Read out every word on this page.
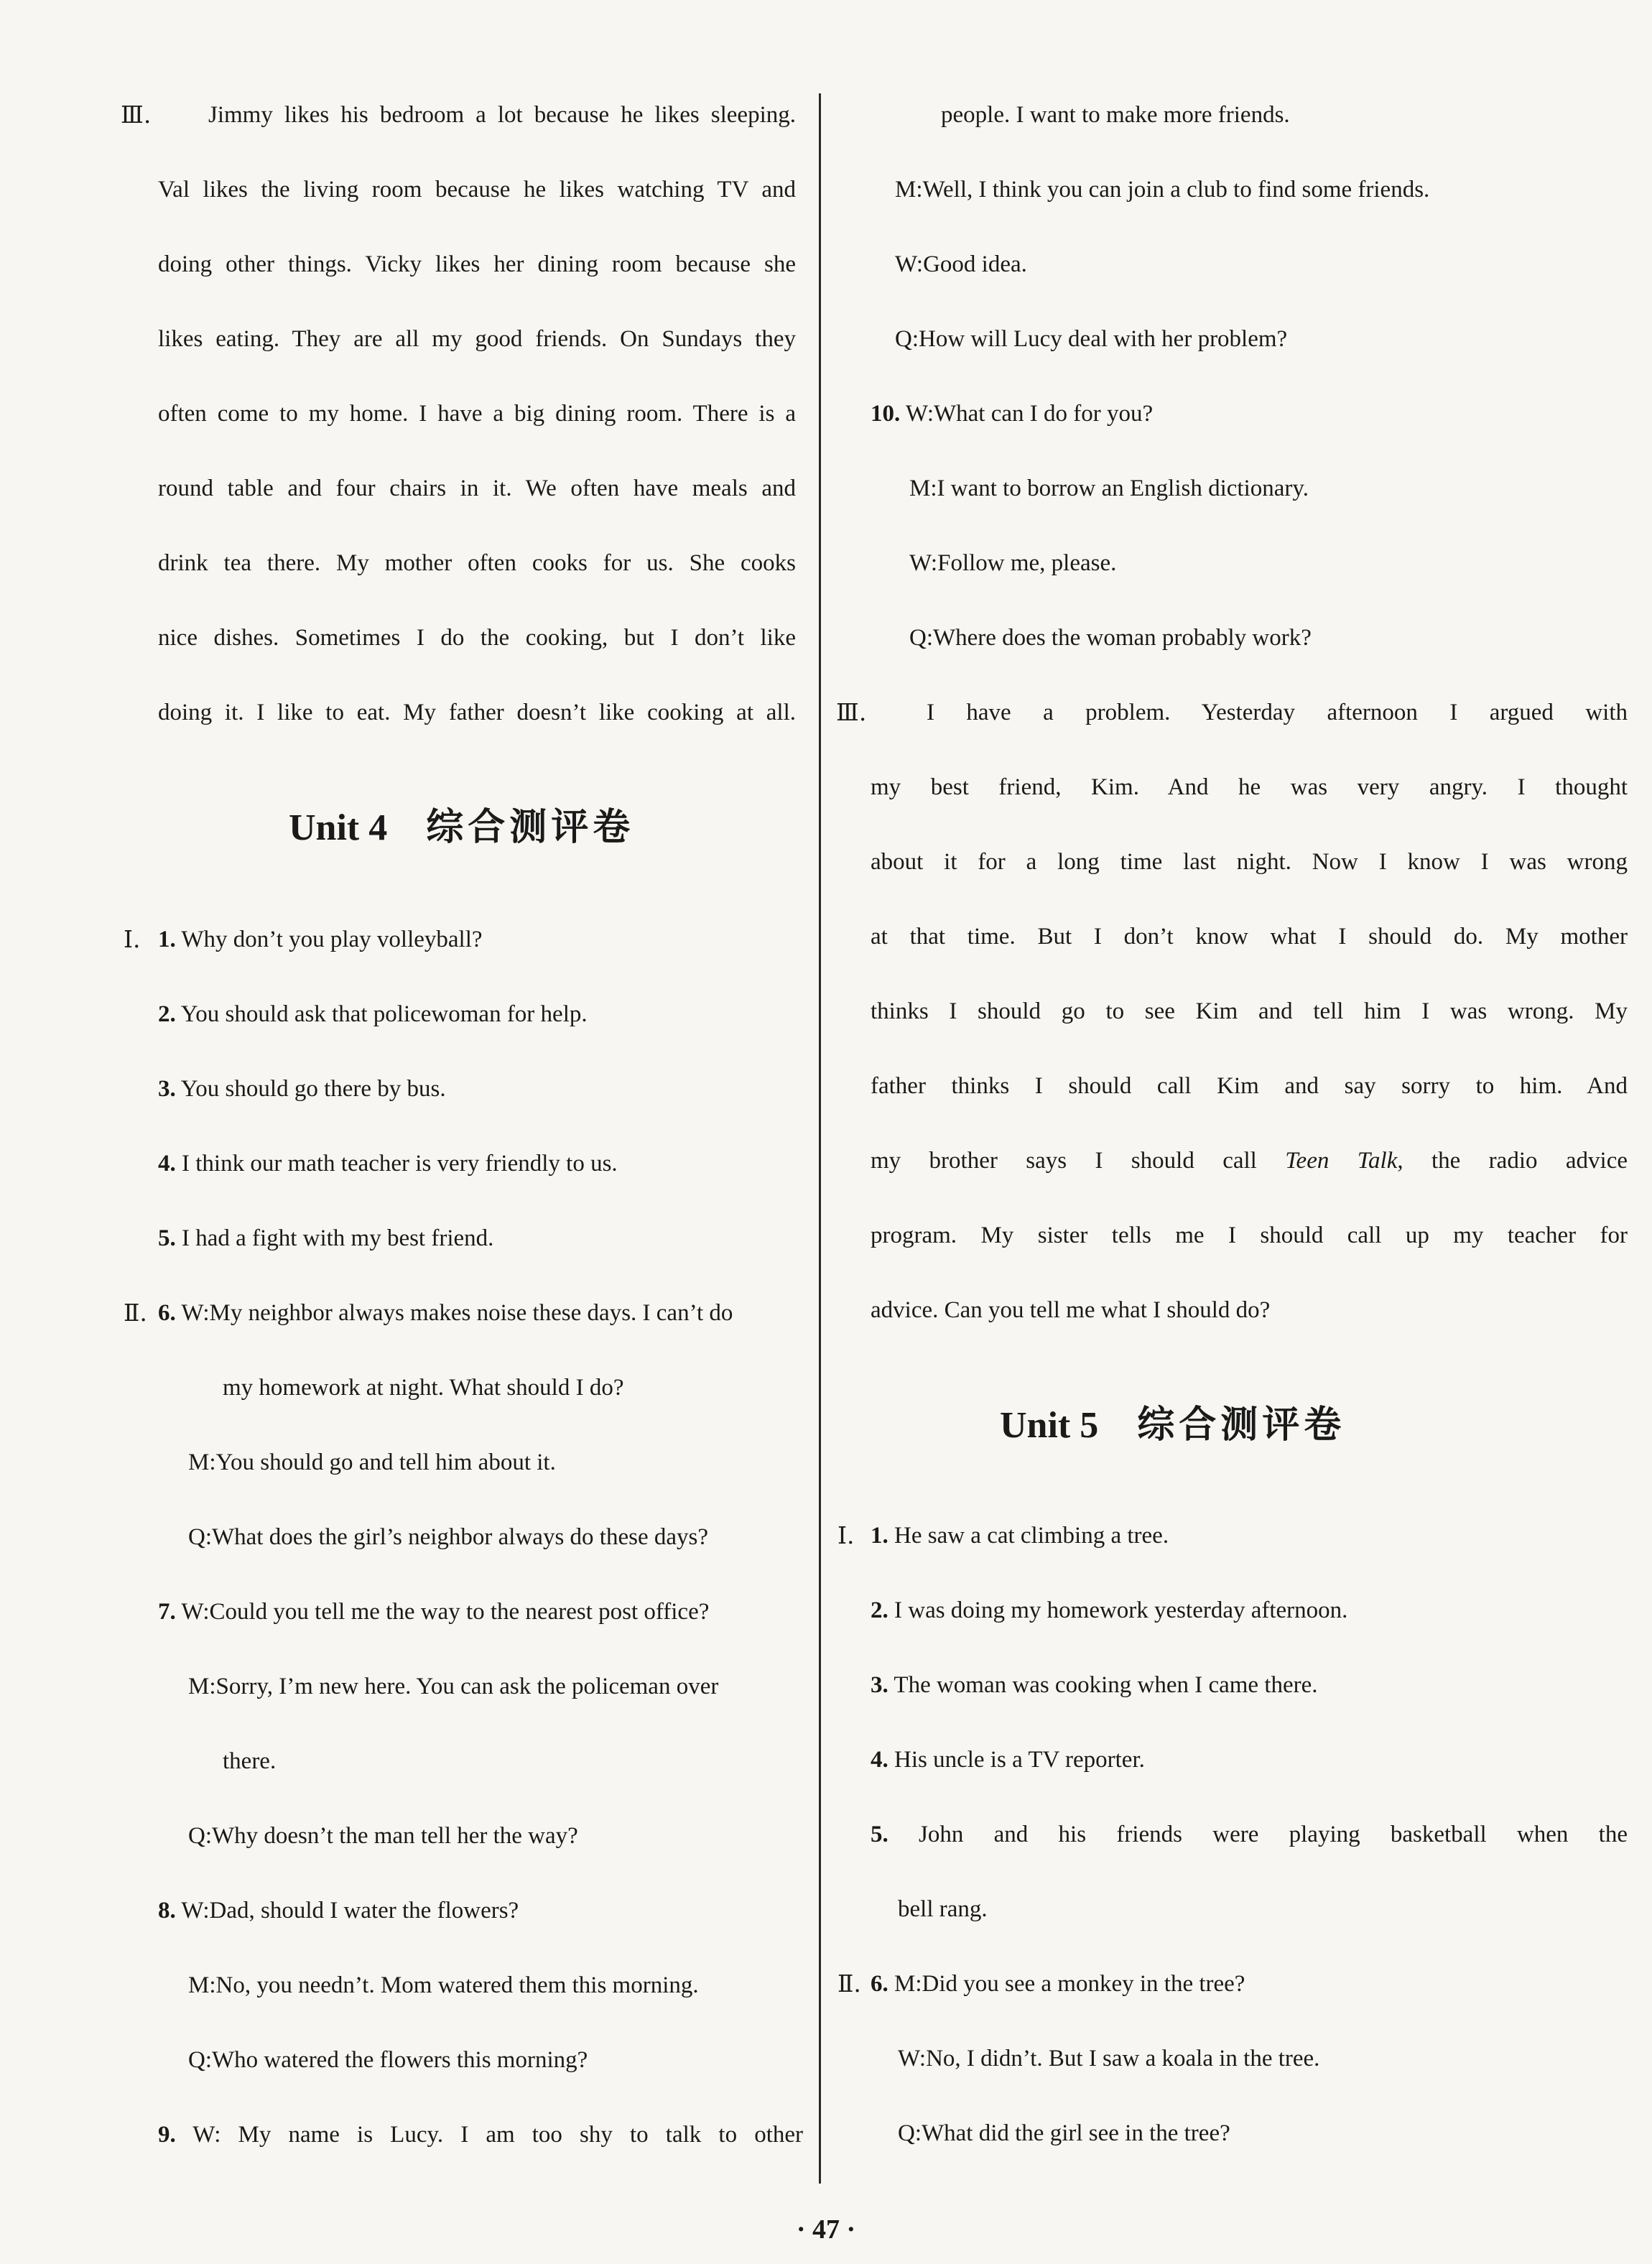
Ⅲ. Jimmy likes his bedroom a lot because he likes sleeping.
Val likes the living room because he likes watching TV and
doing other things. Vicky likes her dining room because she
likes eating. They are all my good friends. On Sundays they
often come to my home. I have a big dining room. There is a
round table and four chairs in it. We often have meals and
drink tea there. My mother often cooks for us. She cooks
nice dishes. Sometimes I do the cooking, but I don’t like
doing it. I like to eat. My father doesn’t like cooking at all.
Unit 4 综合测评卷
Ⅰ. 1. Why don’t you play volleyball?
2. You should ask that policewoman for help.
3. You should go there by bus.
4. I think our math teacher is very friendly to us.
5. I had a fight with my best friend.
Ⅱ. 6. W:My neighbor always makes noise these days. I can’t do
my homework at night. What should I do?
M:You should go and tell him about it.
Q:What does the girl’s neighbor always do these days?
7. W:Could you tell me the way to the nearest post office?
M:Sorry, I’m new here. You can ask the policeman over
there.
Q:Why doesn’t the man tell her the way?
8. W:Dad, should I water the flowers?
M:No, you needn’t. Mom watered them this morning.
Q:Who watered the flowers this morning?
9. W: My name is Lucy. I am too shy to talk to other
people. I want to make more friends.
M:Well, I think you can join a club to find some friends.
W:Good idea.
Q:How will Lucy deal with her problem?
10. W:What can I do for you?
M:I want to borrow an English dictionary.
W:Follow me, please.
Q:Where does the woman probably work?
Ⅲ.	I have a problem. Yesterday afternoon I argued with
my best friend, Kim. And he was very angry. I thought
about it for a long time last night. Now I know I was wrong
at that time. But I don’t know what I should do. My mother
thinks I should go to see Kim and tell him I was wrong. My
father thinks I should call Kim and say sorry to him. And
my brother says I should call Teen Talk, the radio advice
program. My sister tells me I should call up my teacher for
advice. Can you tell me what I should do?
Unit 5 综合测评卷
Ⅰ. 1. He saw a cat climbing a tree.
2. I was doing my homework yesterday afternoon.
3. The woman was cooking when I came there.
4. His uncle is a TV reporter.
5. John and his friends were playing basketball when the
bell rang.
Ⅱ. 6. M:Did you see a monkey in the tree?
W:No, I didn’t. But I saw a koala in the tree.
Q:What did the girl see in the tree?
· 47 ·
